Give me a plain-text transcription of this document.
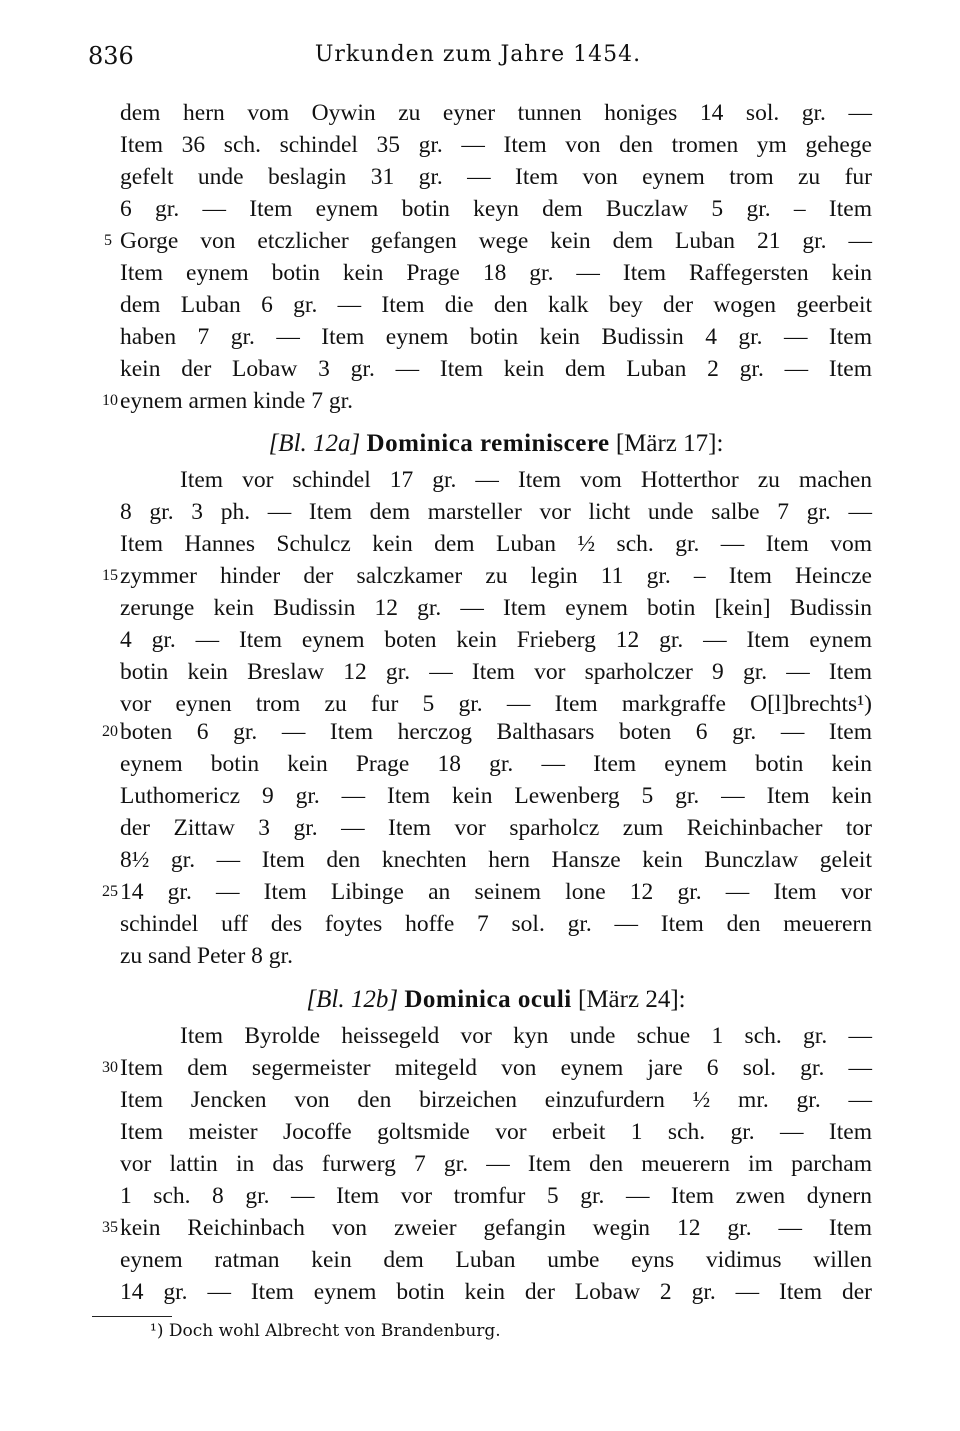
836	Urkunden zum Jahre 1454.
dem hern vom Oywin zu eyner tunnen honiges 14 sol. gr. —
Item 36 sch. schindel 35 gr. — Item von den tromen ym gehege
gefelt unde beslagin 31 gr. — Item von eynem trom zu fur
6 gr. — Item eynem botin keyn dem Buczlaw 5 gr. – Item
Gorge von etczlicher gefangen wege kein dem Luban 21 gr. —
Item eynem botin kein Prage 18 gr. — Item Raffegersten kein
dem Luban 6 gr. — Item die den kalk bey der wogen geerbeit
haben 7 gr. — Item eynem botin kein Budissin 4 gr. — Item
kein der Lobaw 3 gr. — Item kein dem Luban 2 gr. — Item
eynem armen kinde 7 gr.
[Bl. 12a] Dominica reminiscere [März 17]:
Item vor schindel 17 gr. — Item vom Hotterthor zu machen
8 gr. 3 ph. — Item dem marsteller vor licht unde salbe 7 gr. —
Item Hannes Schulcz kein dem Luban ½ sch. gr. — Item vom
zymmer hinder der salczkamer zu legin 11 gr. – Item Heincze
zerunge kein Budissin 12 gr. — Item eynem botin [kein] Budissin
4 gr. — Item eynem boten kein Frieberg 12 gr. — Item eynem
botin kein Breslaw 12 gr. — Item vor sparholczer 9 gr. — Item
vor eynen trom zu fur 5 gr. — Item markgraffe O[l]brechts¹)
boten 6 gr. — Item herczog Balthasars boten 6 gr. — Item
eynem botin kein Prage 18 gr. — Item eynem botin kein
Luthomericz 9 gr. — Item kein Lewenberg 5 gr. — Item kein
der Zittaw 3 gr. — Item vor sparholcz zum Reichinbacher tor
8½ gr. — Item den knechten hern Hansze kein Bunczlaw geleit
14 gr. — Item Libinge an seinem lone 12 gr. — Item vor
schindel uff des foytes hoffe 7 sol. gr. — Item den meuerern
zu sand Peter 8 gr.
[Bl. 12b] Dominica oculi [März 24]:
Item Byrolde heissegeld vor kyn unde schue 1 sch. gr. —
Item dem segermeister mitegeld von eynem jare 6 sol. gr. —
Item Jencken von den birzeichen einzufurdern ½ mr. gr. —
Item meister Jocoffe goltsmide vor erbeit 1 sch. gr. — Item
vor lattin in das furwerg 7 gr. — Item den meuerern im parcham
1 sch. 8 gr. — Item vor tromfur 5 gr. — Item zwen dynern
kein Reichinbach von zweier gefangin wegin 12 gr. — Item
eynem ratman kein dem Luban umbe eyns vidimus willen
14 gr. — Item eynem botin kein der Lobaw 2 gr. — Item der
5
10
15
20
25
30
35
¹) Doch wohl Albrecht von Brandenburg.
